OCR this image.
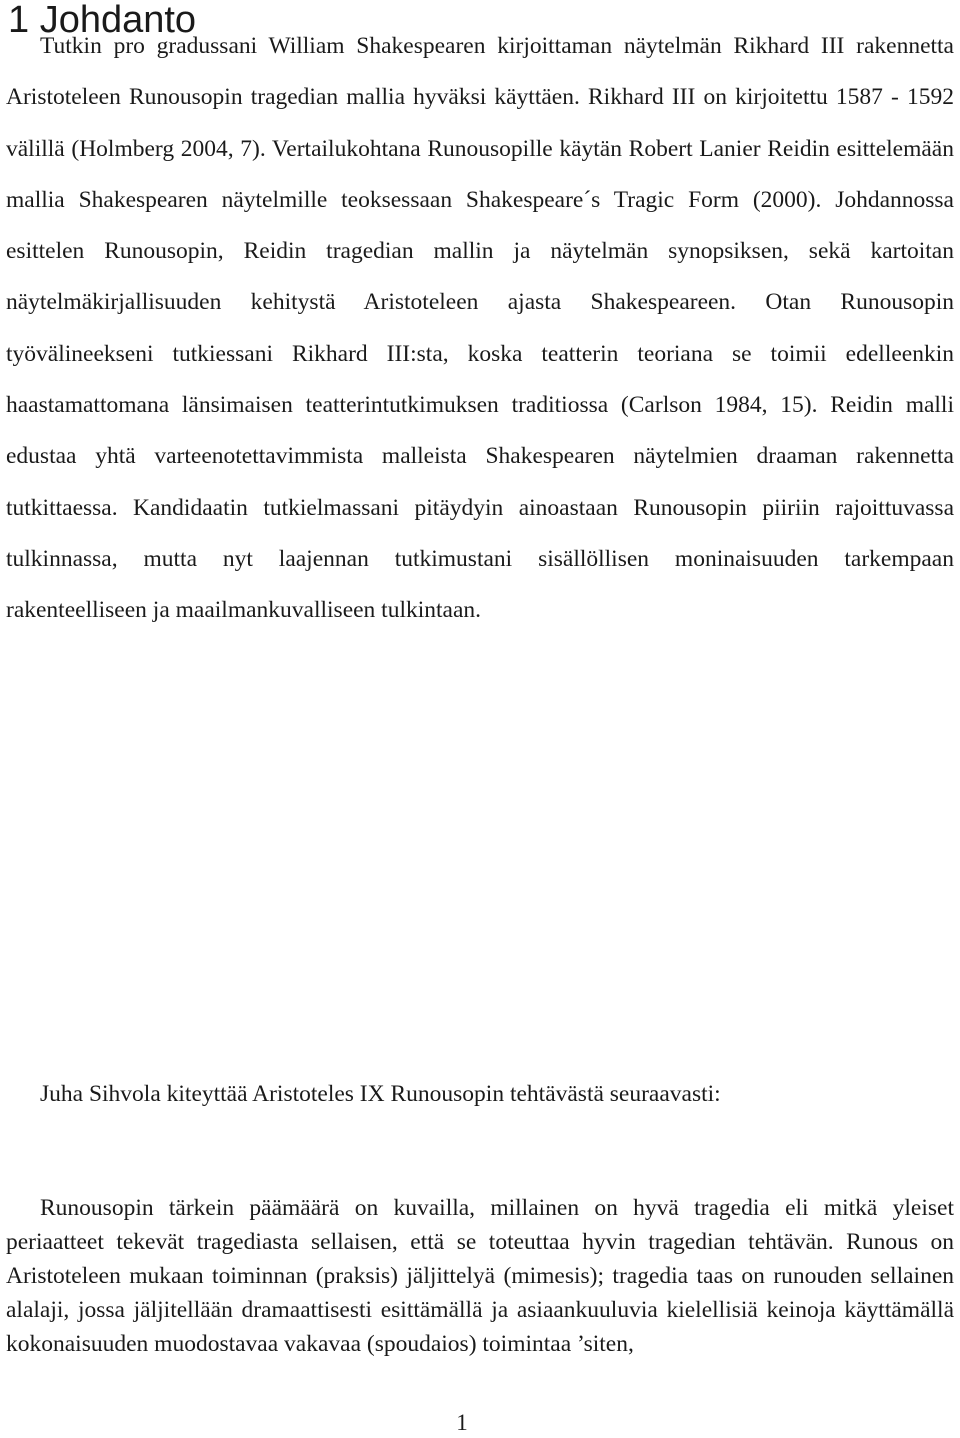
1 Johdanto

Tutkin pro gradussani William Shakespearen kirjoittaman näytelmän Rikhard III rakennetta Aristoteleen Runousopin tragedian mallia hyväksi käyttäen. Rikhard III on kirjoitettu 1587 - 1592 välillä (Holmberg 2004, 7). Vertailukohtana Runousopille käytän Robert Lanier Reidin esittelemään mallia Shakespearen näytelmille teoksessaan Shakespeare´s Tragic Form (2000). Johdannossa esittelen Runousopin, Reidin tragedian mallin ja näytelmän synopsiksen, sekä kartoitan näytelmäkirjallisuuden kehitystä Aristoteleen ajasta Shakespeareen. Otan Runousopin työvälineekseni tutkiessani Rikhard III:sta, koska teatterin teoriana se toimii edelleenkin haastamattomana länsimaisen teatterintutkimuksen traditiossa (Carlson 1984, 15). Reidin malli edustaa yhtä varteenotettavimmista malleista Shakespearen näytelmien draaman rakennetta tutkittaessa. Kandidaatin tutkielmassani pitäydyin ainoastaan Runousopin piiriin rajoittuvassa tulkinnassa, mutta nyt laajennan tutkimustani sisällöllisen moninaisuuden tarkempaan rakenteelliseen ja maailmankuvalliseen tulkintaan.

Juha Sihvola kiteyttää Aristoteles IX Runousopin tehtävästä seuraavasti:

Runousopin tärkein päämäärä on kuvailla, millainen on hyvä tragedia eli mitkä yleiset periaatteet tekevät tragediasta sellaisen, että se toteuttaa hyvin tragedian tehtävän. Runous on Aristoteleen mukaan toiminnan (praksis) jäljittelyä (mimesis); tragedia taas on runouden sellainen alalaji, jossa jäljitellään dramaattisesti esittämällä ja asiaankuuluvia kielellisiä keinoja käyttämällä kokonaisuuden muodostavaa vakavaa (spoudaios) toimintaa ’siten,

1
